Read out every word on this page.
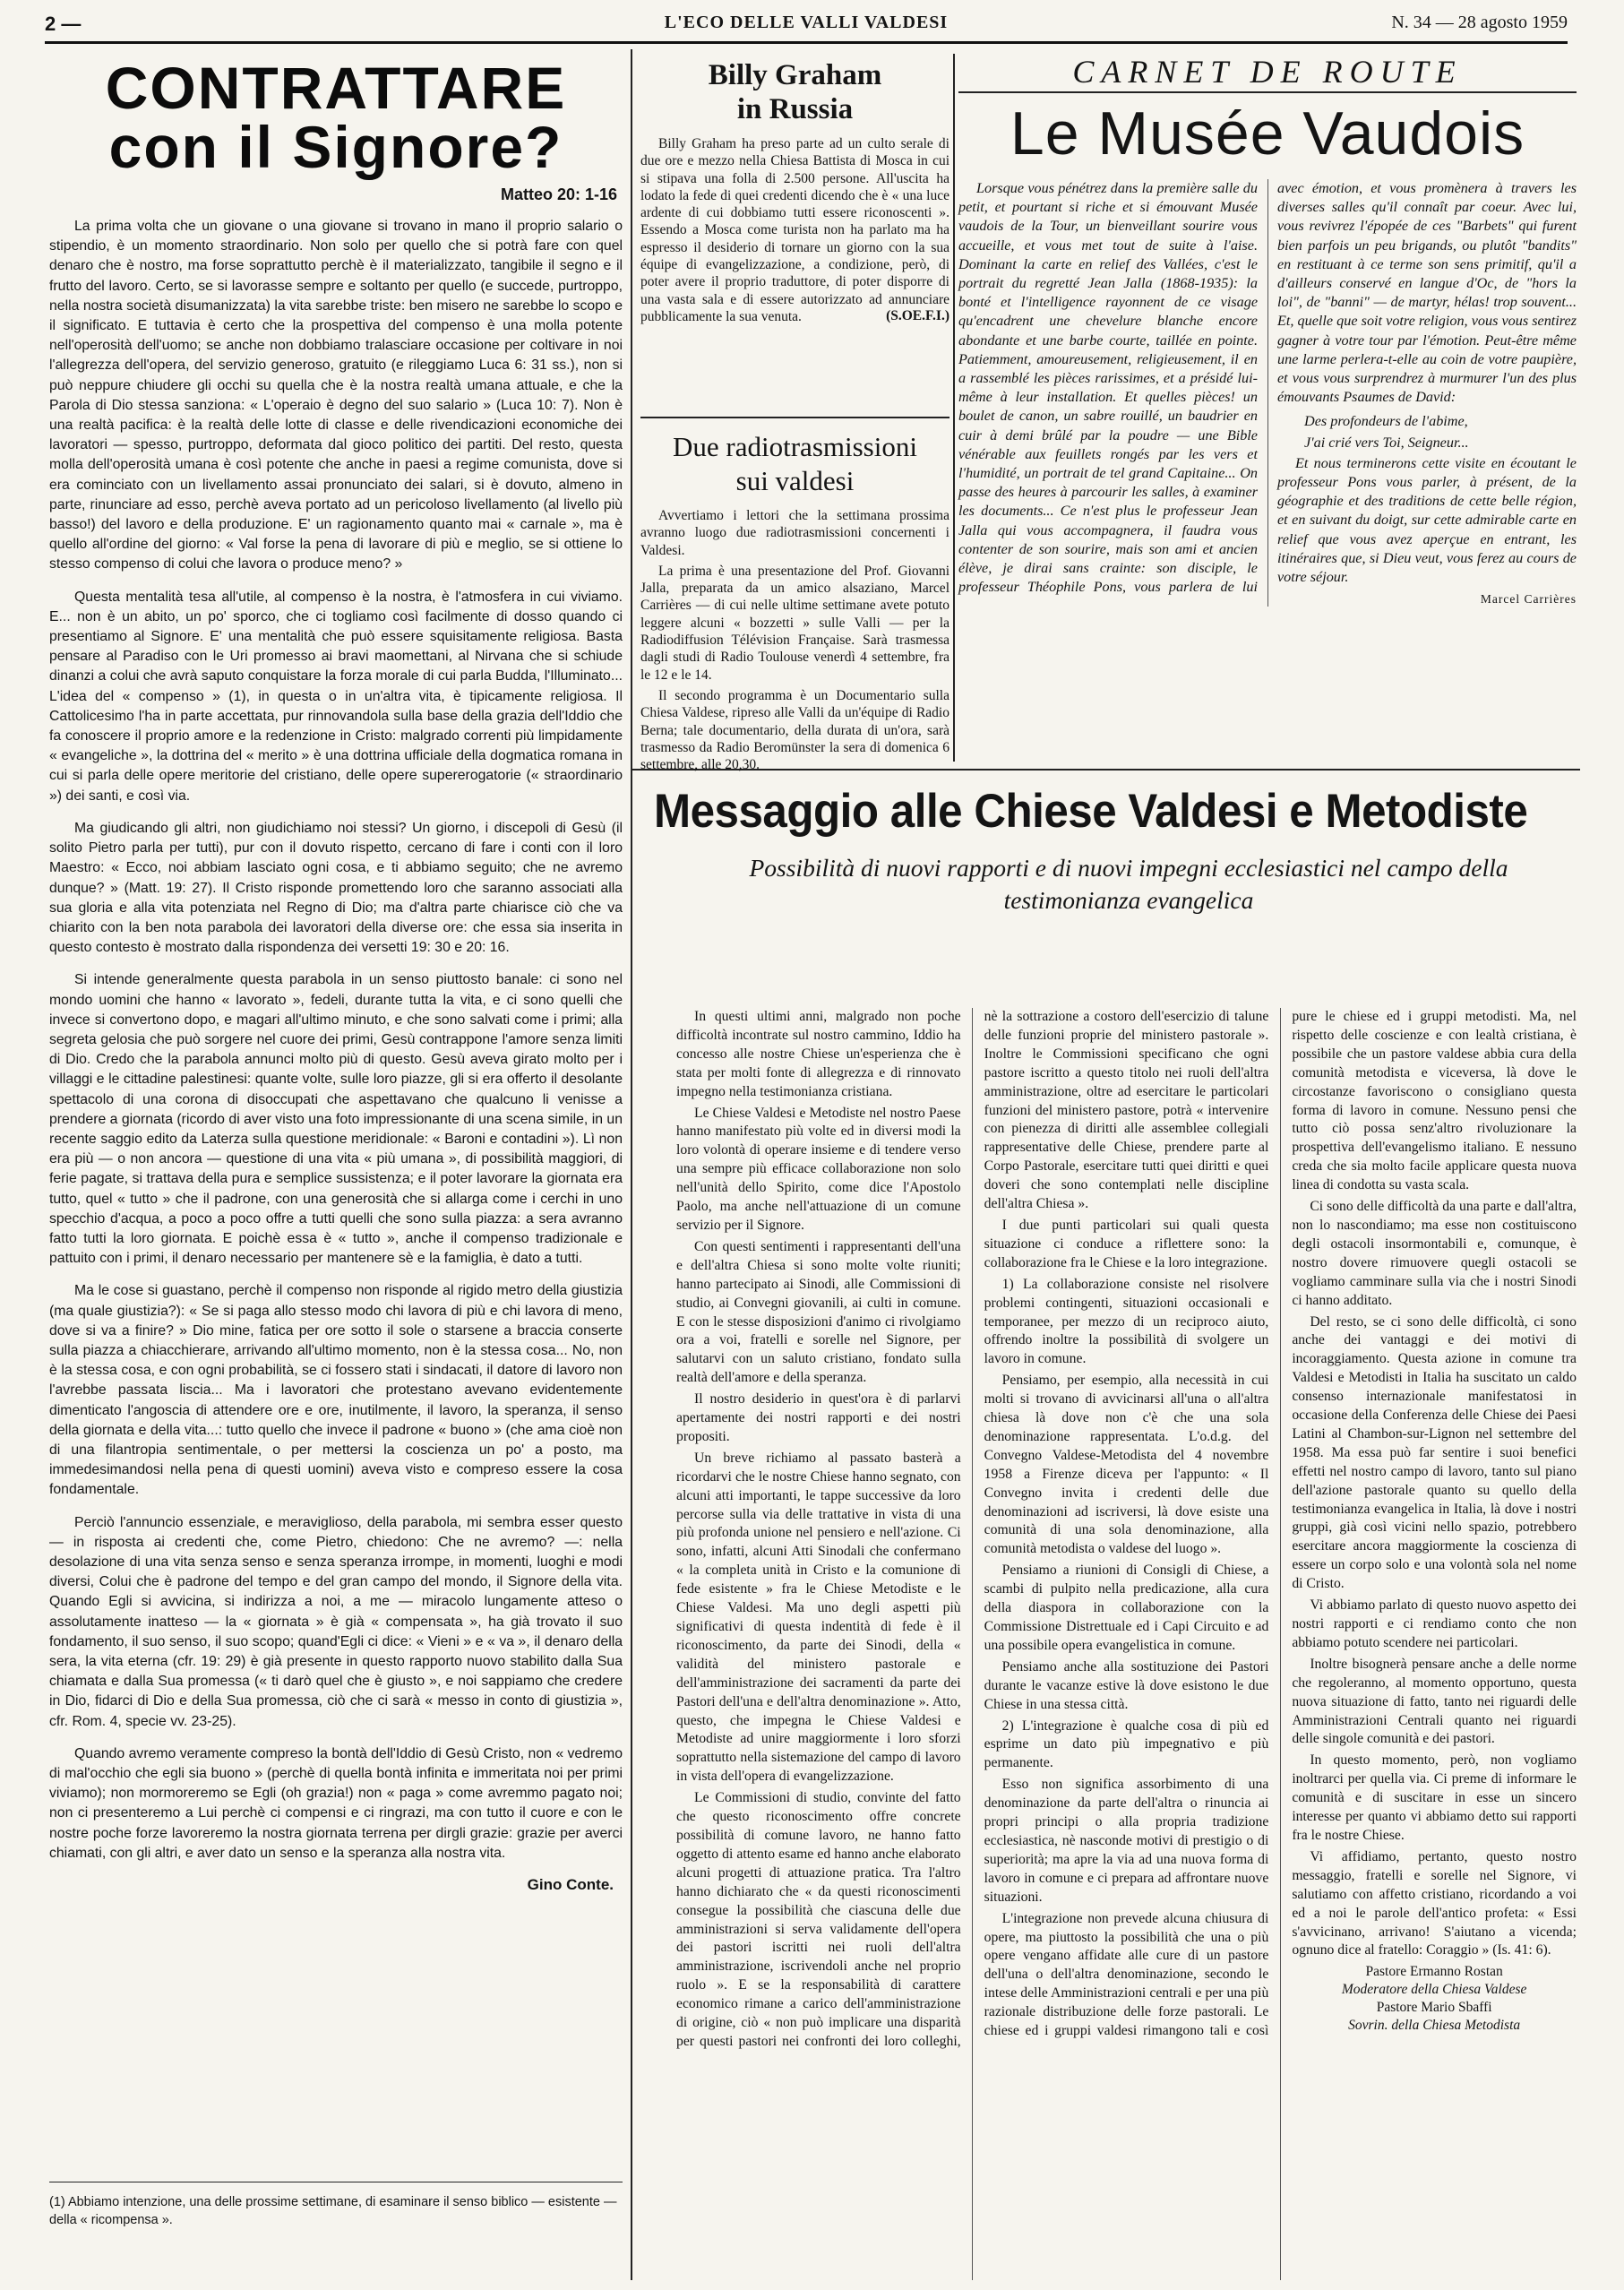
2 —	L'ECO DELLE VALLI VALDESI	N. 34 — 28 agosto 1959
CONTRATTARE
con il Signore?
Matteo 20: 1-16

La prima volta che un giovane o una giovane si trovano in mano il proprio salario o stipendio, è un momento straordinario. Non solo per quello che si potrà fare con quel denaro che è nostro, ma forse soprattutto perchè è il materializzato, tangibile il segno e il frutto del lavoro. Certo, se si lavorasse sempre e soltanto per quello (e succede, purtroppo, nella nostra società disumanizzata) la vita sarebbe triste: ben misero ne sarebbe lo scopo e il significato. E tuttavia è certo che la prospettiva del compenso è una molla potente nell'operosità dell'uomo; se anche non dobbiamo tralasciare occasione per coltivare in noi l'allegrezza dell'opera, del servizio generoso, gratuito (e rileggiamo Luca 6: 31 ss.), non si può neppure chiudere gli occhi su quella che è la nostra realtà umana attuale, e che la Parola di Dio stessa sanziona: « L'operaio è degno del suo salario » (Luca 10: 7). Non è una realtà pacifica: è la realtà delle lotte di classe e delle rivendicazioni economiche dei lavoratori — spesso, purtroppo, deformata dal gioco politico dei partiti. Del resto, questa molla dell'operosità umana è così potente che anche in paesi a regime comunista, dove si era cominciato con un livellamento assai pronunciato dei salari, si è dovuto, almeno in parte, rinunciare ad esso, perchè aveva portato ad un pericoloso livellamento (al livello più basso!) del lavoro e della produzione. E' un ragionamento quanto mai « carnale », ma è quello all'ordine del giorno: « Val forse la pena di lavorare di più e meglio, se si ottiene lo stesso compenso di colui che lavora o produce meno? »

Questa mentalità tesa all'utile, al compenso è la nostra, è l'atmosfera in cui viviamo. E... non è un abito, un po' sporco, che ci togliamo così facilmente di dosso quando ci presentiamo al Signore. E' una mentalità che può essere squisitamente religiosa. Basta pensare al Paradiso con le Uri promesso ai bravi maomettani, al Nirvana che si schiude dinanzi a colui che avrà saputo conquistare la forza morale di cui parla Budda, l'Illuminato... L'idea del « compenso » (1), in questa o in un'altra vita, è tipicamente religiosa. Il Cattolicesimo l'ha in parte accettata, pur rinnovandola sulla base della grazia dell'Iddio che fa conoscere il proprio amore e la redenzione in Cristo: malgrado correnti più limpidamente « evangeliche », la dottrina del « merito » è una dottrina ufficiale della dogmatica romana in cui si parla delle opere meritorie del cristiano, delle opere supererogatorie (« straordinario ») dei santi, e così via.

Ma giudicando gli altri, non giudichiamo noi stessi? Un giorno, i discepoli di Gesù (il solito Pietro parla per tutti), pur con il dovuto rispetto, cercano di fare i conti con il loro Maestro: « Ecco, noi abbiam lasciato ogni cosa, e ti abbiamo seguito; che ne avremo dunque? » (Matt. 19: 27). Il Cristo risponde promettendo loro che saranno associati alla sua gloria e alla vita potenziata nel Regno di Dio; ma d'altra parte chiarisce ciò che va chiarito con la ben nota parabola dei lavoratori della diverse ore: che essa sia inserita in questo contesto è mostrato dalla rispondenza dei versetti 19: 30 e 20: 16.

Si intende generalmente questa parabola in un senso piuttosto banale: ci sono nel mondo uomini che hanno « lavorato », fedeli, durante tutta la vita, e ci sono quelli che invece si convertono dopo, e magari all'ultimo minuto, e che sono salvati come i primi; alla segreta gelosia che può sorgere nel cuore dei primi, Gesù contrappone l'amore senza limiti di Dio. Credo che la parabola annunci molto più di questo. Gesù aveva girato molto per i villaggi e le cittadine palestinesi: quante volte, sulle loro piazze, gli si era offerto il desolante spettacolo di una corona di disoccupati che aspettavano che qualcuno li venisse a prendere a giornata (ricordo di aver visto una foto impressionante di una scena simile, in un recente saggio edito da Laterza sulla questione meridionale: « Baroni e contadini »). Lì non era più — o non ancora — questione di una vita « più umana », di possibilità maggiori, di ferie pagate, si trattava della pura e semplice sussistenza; e il poter lavorare la giornata era tutto, quel « tutto » che il padrone, con una generosità che si allarga come i cerchi in uno specchio d'acqua, a poco a poco offre a tutti quelli che sono sulla piazza: a sera avranno fatto tutti la loro giornata. E poichè essa è « tutto », anche il compenso tradizionale e pattuito con i primi, il denaro necessario per mantenere sè e la famiglia, è dato a tutti.

Ma le cose si guastano, perchè il compenso non risponde al rigido metro della giustizia (ma quale giustizia?): « Se si paga allo stesso modo chi lavora di più e chi lavora di meno, dove si va a finire? » Dio mine, fatica per ore sotto il sole o starsene a braccia conserte sulla piazza a chiacchierare, arrivando all'ultimo momento, non è la stessa cosa... No, non è la stessa cosa, e con ogni probabilità, se ci fossero stati i sindacati, il datore di lavoro non l'avrebbe passata liscia... Ma i lavoratori che protestano avevano evidentemente dimenticato l'angoscia di attendere ore e ore, inutilmente, il lavoro, la speranza, il senso della giornata e della vita...: tutto quello che invece il padrone « buono » (che ama cioè non di una filantropia sentimentale, o per mettersi la coscienza un po' a posto, ma immedesimandosi nella pena di questi uomini) aveva visto e compreso essere la cosa fondamentale.

Perciò l'annuncio essenziale, e meraviglioso, della parabola, mi sembra esser questo — in risposta ai credenti che, come Pietro, chiedono: Che ne avremo? —: nella desolazione di una vita senza senso e senza speranza irrompe, in momenti, luoghi e modi diversi, Colui che è padrone del tempo e del gran campo del mondo, il Signore della vita. Quando Egli si avvicina, si indirizza a noi, a me — miracolo lungamente atteso o assolutamente inatteso — la « giornata » è già « compensata », ha già trovato il suo fondamento, il suo senso, il suo scopo; quand'Egli ci dice: « Vieni » e « va », il denaro della sera, la vita eterna (cfr. 19: 29) è già presente in questo rapporto nuovo stabilito dalla Sua chiamata e dalla Sua promessa (« ti darò quel che è giusto », e noi sappiamo che credere in Dio, fidarci di Dio e della Sua promessa, ciò che ci sarà « messo in conto di giustizia », cfr. Rom. 4, specie vv. 23-25).

Quando avremo veramente compreso la bontà dell'Iddio di Gesù Cristo, non « vedremo di mal'occhio che egli sia buono » (perchè di quella bontà infinita e immeritata noi per primi viviamo); non mormoreremo se Egli (oh grazia!) non « paga » come avremmo pagato noi; non ci presenteremo a Lui perchè ci compensi e ci ringrazi, ma con tutto il cuore e con le nostre poche forze lavoreremo la nostra giornata terrena per dirgli grazie: grazie per averci chiamati, con gli altri, e aver dato un senso e la speranza alla nostra vita.

Gino Conte.
(1) Abbiamo intenzione, una delle prossime settimane, di esaminare il senso biblico — esistente — della « ricompensa ».
Billy Graham
in Russia

Billy Graham ha preso parte ad un culto serale di due ore e mezzo nella Chiesa Battista di Mosca in cui si stipava una folla di 2.500 persone. All'uscita ha lodato la fede di quei credenti dicendo che è « una luce ardente di cui dobbiamo tutti essere riconoscenti ». Essendo a Mosca come turista non ha parlato ma ha espresso il desiderio di tornare un giorno con la sua équipe di evangelizzazione, a condizione, però, di poter avere il proprio traduttore, di poter disporre di una vasta sala e di essere autorizzato ad annunciare pubblicamente la sua venuta.	(S.OE.F.I.)
Due radiotrasmissioni
sui valdesi

Avvertiamo i lettori che la settimana prossima avranno luogo due radiotrasmissioni concernenti i Valdesi.

La prima è una presentazione del Prof. Giovanni Jalla, preparata da un amico alsaziano, Marcel Carrières — di cui nelle ultime settimane avete potuto leggere alcuni « bozzetti » sulle Valli — per la Radiodiffusion Télévision Française. Sarà trasmessa dagli studi di Radio Toulouse venerdì 4 settembre, fra le 12 e le 14.

Il secondo programma è un Documentario sulla Chiesa Valdese, ripreso alle Valli da un'équipe di Radio Berna; tale documentario, della durata di un'ora, sarà trasmesso da Radio Beromünster la sera di domenica 6 settembre, alle 20,30.

CARNET DE ROUTE
Le Musée Vaudois

Lorsque vous pénétrez dans la première salle du petit, et pourtant si riche et si émouvant Musée vaudois de la Tour, un bienveillant sourire vous accueille, et vous met tout de suite à l'aise. Dominant la carte en relief des Vallées, c'est le portrait du regretté Jean Jalla (1868-1935): la bonté et l'intelligence rayonnent de ce visage qu'encadrent une chevelure blanche encore abondante et une barbe courte, taillée en pointe. Patiemment, amoureusement, religieusement, il en a rassemblé les pièces rarissimes, et a présidé lui-même à leur installation. Et quelles pièces! un boulet de canon, un sabre rouillé, un baudrier en cuir à demi brûlé par la poudre — une Bible vénérable aux feuillets rongés par les vers et l'humidité, un portrait de tel grand Capitaine... On passe des heures à parcourir les salles, à examiner les documents... Ce n'est plus le professeur Jean Jalla qui vous accompagnera, il faudra vous contenter de son sourire, mais son ami et ancien élève, je dirai sans crainte: son disciple, le professeur Théophile Pons, vous parlera de lui avec émotion, et vous promènera à travers les diverses salles qu'il connaît par coeur. Avec lui, vous revivrez l'épopée de ces "Barbets" qui furent bien parfois un peu brigands, ou plutôt "bandits" en restituant à ce terme son sens primitif, qu'il a d'ailleurs conservé en langue d'Oc, de "hors la loi", de "banni" — de martyr, hélas! trop souvent... Et, quelle que soit votre religion, vous vous sentirez gagner à votre tour par l'émotion. Peut-être même une larme perlera-t-elle au coin de votre paupière, et vous vous surprendrez à murmurer l'un des plus émouvants Psaumes de David:

Des profondeurs de l'abime,

J'ai crié vers Toi, Seigneur...

Et nous terminerons cette visite en écoutant le professeur Pons vous parler, à présent, de la géographie et des traditions de cette belle région, et en suivant du doigt, sur cette admirable carte en relief que vous avez aperçue en entrant, les itinéraires que, si Dieu veut, vous ferez au cours de votre séjour.

Marcel Carrières
Messaggio alle Chiese Valdesi e Metodiste
Possibilità di nuovi rapporti e di nuovi impegni ecclesiastici nel campo della testimonianza evangelica

In questi ultimi anni, malgrado non poche difficoltà incontrate sul nostro cammino, Iddio ha concesso alle nostre Chiese un'esperienza che è stata per molti fonte di allegrezza e di rinnovato impegno nella testimonianza cristiana.

Le Chiese Valdesi e Metodiste nel nostro Paese hanno manifestato più volte ed in diversi modi la loro volontà di operare insieme e di tendere verso una sempre più efficace collaborazione non solo nell'unità dello Spirito, come dice l'Apostolo Paolo, ma anche nell'attuazione di un comune servizio per il Signore.

Con questi sentimenti i rappresentanti dell'una e dell'altra Chiesa si sono molte volte riuniti; hanno partecipato ai Sinodi, alle Commissioni di studio, ai Convegni giovanili, ai culti in comune. E con le stesse disposizioni d'animo ci rivolgiamo ora a voi, fratelli e sorelle nel Signore, per salutarvi con un saluto cristiano, fondato sulla realtà dell'amore e della speranza.

Il nostro desiderio in quest'ora è di parlarvi apertamente dei nostri rapporti e dei nostri propositi.

Un breve richiamo al passato basterà a ricordarvi che le nostre Chiese hanno segnato, con alcuni atti importanti, le tappe successive da loro percorse sulla via delle trattative in vista di una più profonda unione nel pensiero e nell'azione. Ci sono, infatti, alcuni Atti Sinodali che confermano « la completa unità in Cristo e la comunione di fede esistente » fra le Chiese Metodiste e le Chiese Valdesi. Ma uno degli aspetti più significativi di questa indentità di fede è il riconoscimento, da parte dei Sinodi, della « validità del ministero pastorale e dell'amministrazione dei sacramenti da parte dei Pastori dell'una e dell'altra denominazione ». Atto, questo, che impegna le Chiese Valdesi e Metodiste ad unire maggiormente i loro sforzi soprattutto nella sistemazione del campo di lavoro in vista dell'opera di evangelizzazione.

Le Commissioni di studio, convinte del fatto che questo riconoscimento offre concrete possibilità di comune lavoro, ne hanno fatto oggetto di attento esame ed hanno anche elaborato alcuni progetti di attuazione pratica. Tra l'altro hanno dichiarato che « da questi riconoscimenti consegue la possibilità che ciascuna delle due amministrazioni si serva validamente dell'opera dei pastori iscritti nei ruoli dell'altra amministrazione, iscrivendoli anche nel proprio ruolo ». E se la responsabilità di carattere economico rimane a carico dell'amministrazione di origine, ciò « non può implicare una disparità per questi pastori nei confronti dei loro colleghi, nè la sottrazione a costoro dell'esercizio di talune delle funzioni proprie del ministero pastorale ». Inoltre le Commissioni specificano che ogni pastore iscritto a questo titolo nei ruoli dell'altra amministrazione, oltre ad esercitare le particolari funzioni del ministero pastore, potrà « intervenire con pienezza di diritti alle assemblee collegiali rappresentative delle Chiese, prendere parte al Corpo Pastorale, esercitare tutti quei diritti e quei doveri che sono contemplati nelle discipline dell'altra Chiesa ».

I due punti particolari sui quali questa situazione ci conduce a riflettere sono: la collaborazione fra le Chiese e la loro integrazione.

1) La collaborazione consiste nel risolvere problemi contingenti, situazioni occasionali e temporanee, per mezzo di un reciproco aiuto, offrendo inoltre la possibilità di svolgere un lavoro in comune.

Pensiamo, per esempio, alla necessità in cui molti si trovano di avvicinarsi all'una o all'altra chiesa là dove non c'è che una sola denominazione rappresentata. L'o.d.g. del Convegno Valdese-Metodista del 4 novembre 1958 a Firenze diceva per l'appunto: « Il Convegno invita i credenti delle due denominazioni ad iscriversi, là dove esiste una comunità di una sola denominazione, alla comunità metodista o valdese del luogo ».

Pensiamo a riunioni di Consigli di Chiese, a scambi di pulpito nella predicazione, alla cura della diaspora in collaborazione con la Commissione Distrettuale ed i Capi Circuito e ad una possibile opera evangelistica in comune.

Pensiamo anche alla sostituzione dei Pastori durante le vacanze estive là dove esistono le due Chiese in una stessa città.

2) L'integrazione è qualche cosa di più ed esprime un dato più impegnativo e più permanente.

Esso non significa assorbimento di una denominazione da parte dell'altra o rinuncia ai propri principi o alla propria tradizione ecclesiastica, nè nasconde motivi di prestigio o di superiorità; ma apre la via ad una nuova forma di lavoro in comune e ci prepara ad affrontare nuove situazioni.

L'integrazione non prevede alcuna chiusura di opere, ma piuttosto la possibilità che una o più opere vengano affidate alle cure di un pastore dell'una o dell'altra denominazione, secondo le intese delle Amministrazioni centrali e per una più razionale distribuzione delle forze pastorali. Le chiese ed i gruppi valdesi rimangono tali e così pure le chiese ed i gruppi metodisti. Ma, nel rispetto delle coscienze e con lealtà cristiana, è possibile che un pastore valdese abbia cura della comunità metodista e viceversa, là dove le circostanze favoriscono o consigliano questa forma di lavoro in comune. Nessuno pensi che tutto ciò possa senz'altro rivoluzionare la prospettiva dell'evangelismo italiano. E nessuno creda che sia molto facile applicare questa nuova linea di condotta su vasta scala.

Ci sono delle difficoltà da una parte e dall'altra, non lo nascondiamo; ma esse non costituiscono degli ostacoli insormontabili e, comunque, è nostro dovere rimuovere quegli ostacoli se vogliamo camminare sulla via che i nostri Sinodi ci hanno additato.

Del resto, se ci sono delle difficoltà, ci sono anche dei vantaggi e dei motivi di incoraggiamento. Questa azione in comune tra Valdesi e Metodisti in Italia ha suscitato un caldo consenso internazionale manifestatosi in occasione della Conferenza delle Chiese dei Paesi Latini al Chambon-sur-Lignon nel settembre del 1958. Ma essa può far sentire i suoi benefici effetti nel nostro campo di lavoro, tanto sul piano dell'azione pastorale quanto su quello della testimonianza evangelica in Italia, là dove i nostri gruppi, già così vicini nello spazio, potrebbero esercitare ancora maggiormente la coscienza di essere un corpo solo e una volontà sola nel nome di Cristo.

Vi abbiamo parlato di questo nuovo aspetto dei nostri rapporti e ci rendiamo conto che non abbiamo potuto scendere nei particolari.

Inoltre bisognerà pensare anche a delle norme che regoleranno, al momento opportuno, questa nuova situazione di fatto, tanto nei riguardi delle Amministrazioni Centrali quanto nei riguardi delle singole comunità e dei pastori.

In questo momento, però, non vogliamo inoltrarci per quella via. Ci preme di informare le comunità e di suscitare in esse un sincero interesse per quanto vi abbiamo detto sui rapporti fra le nostre Chiese.

Vi affidiamo, pertanto, questo nostro messaggio, fratelli e sorelle nel Signore, vi salutiamo con affetto cristiano, ricordando a voi ed a noi le parole dell'antico profeta: « Essi s'avvicinano, arrivano! S'aiutano a vicenda; ognuno dice al fratello: Coraggio » (Is. 41: 6).

Pastore Ermanno Rostan

Moderatore della Chiesa Valdese

Pastore Mario Sbaffi

Sovrin. della Chiesa Metodista
